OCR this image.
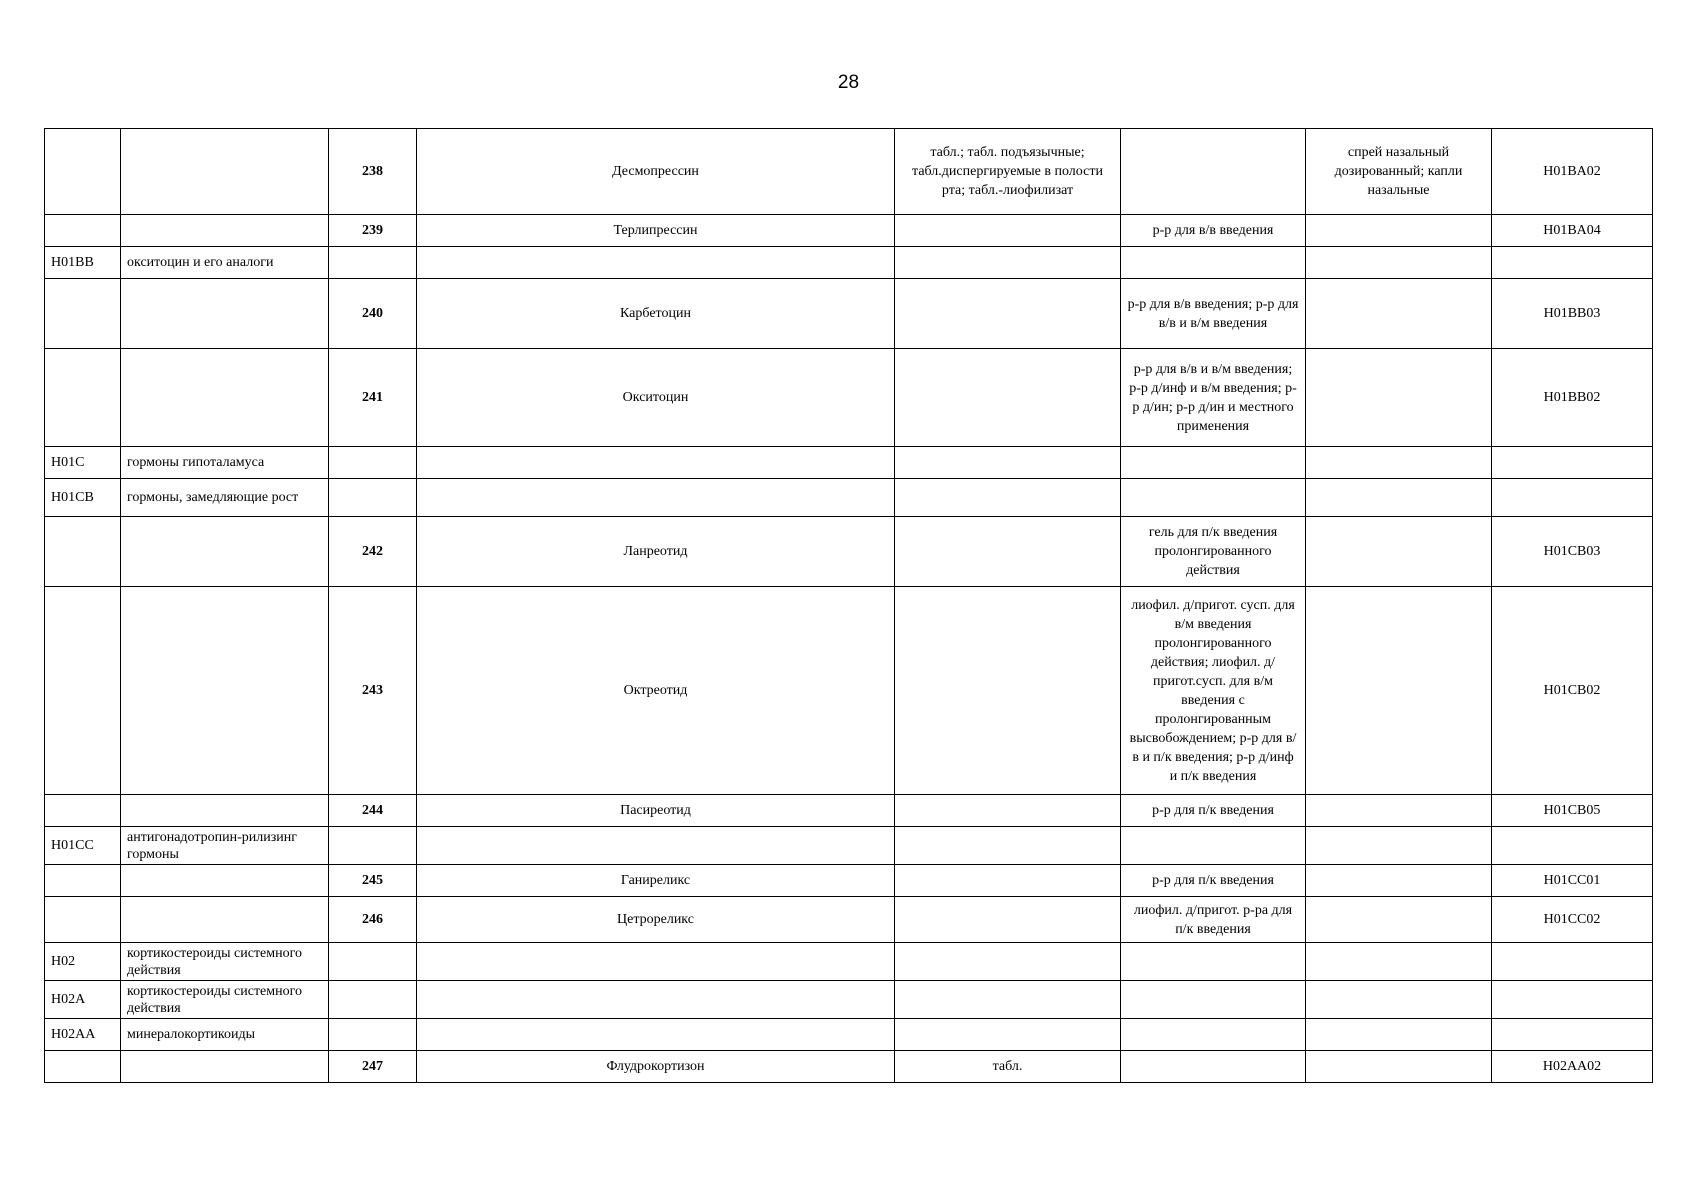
28
		238	Десмопрессин	табл.; табл. подъязычные; табл.диспергируемые в полости рта; табл.-лиофилизат		спрей назальный дозированный; капли назальные	H01BA02
		239	Терлипрессин		р-р для в/в введения		H01BA04
H01BB	окситоцин и его аналоги						
		240	Карбетоцин		р-р для в/в введения; р-р для в/в и в/м введения		H01BB03
		241	Окситоцин		р-р для в/в и в/м введения; р-р д/инф и в/м введения; р-р д/ин; р-р д/ин и местного применения		H01BB02
H01C	гормоны гипоталамуса						
H01CB	гормоны, замедляющие рост						
		242	Ланреотид		гель для п/к введения пролонгированного действия		H01CB03
		243	Октреотид		лиофил. д/пригот. сусп. для в/м введения пролонгированного действия; лиофил. д/пригот.сусп. для в/м введения с пролонгированным высвобождением; р-р для в/в и п/к введения; р-р д/инф и п/к введения		H01CB02
		244	Пасиреотид		р-р для п/к введения		H01CB05
H01CC	антигонадотропин-рилизинг гормоны						
		245	Ганирeликс		р-р для п/к введения		H01CC01
		246	Цетрореликс		лиофил. д/пригот. р-ра для п/к введения		H01CC02
H02	кортикостероиды системного действия						
H02A	кортикостероиды системного действия						
H02AA	минералокортикоиды						
		247	Флудрокортизон	табл.			H02AA02
